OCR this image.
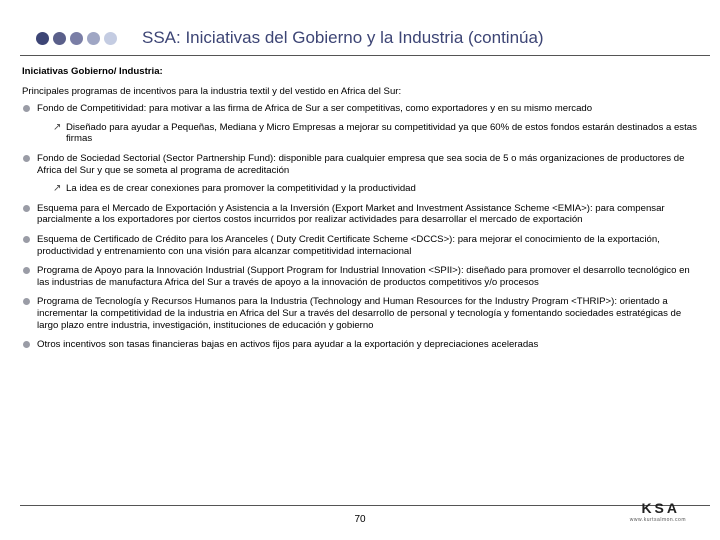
SSA: Iniciativas del Gobierno y la Industria (continúa)
Iniciativas Gobierno/ Industria:
Principales programas de incentivos para la industria textil y del vestido en Africa del Sur:
Fondo de Competitividad: para motivar a las firma de Africa de Sur a ser competitivas, como exportadores y en su mismo mercado
↗ Diseñado para ayudar a Pequeñas, Mediana y Micro Empresas a mejorar su competitividad ya que 60% de estos fondos estarán destinados a estas firmas
Fondo de Sociedad Sectorial (Sector Partnership Fund): disponible para cualquier empresa que sea socia de 5 o más organizaciones de productores de Africa del Sur y que se someta al programa de acreditación
↗ La idea es de crear conexiones para promover la competitividad y la productividad
Esquema para el Mercado de Exportación y Asistencia a la Inversión (Export Market and Investment Assistance Scheme <EMIA>): para compensar parcialmente a los exportadores por ciertos costos incurridos por realizar actividades para desarrollar el mercado de exportación
Esquema de Certificado de Crédito para los Aranceles ( Duty Credit Certificate Scheme <DCCS>): para mejorar el conocimiento de la exportación, productividad y entrenamiento con una visión para alcanzar competitividad internacional
Programa de Apoyo para la Innovación Industrial (Support Program for Industrial Innovation <SPII>): diseñado para promover el desarrollo tecnológico en las industrias de manufactura Africa del Sur a través de apoyo a la innovación de productos competitivos y/o procesos
Programa de Tecnología y Recursos Humanos para la Industria (Technology and Human Resources for the Industry Program <THRIP>): orientado a incrementar la competitividad de la industria en Africa del Sur a través del desarrollo de personal y tecnología y fomentando sociedades estratégicas de largo plazo entre industria, investigación, instituciones de educación y gobierno
Otros incentivos son tasas financieras bajas en activos fijos para ayudar a la exportación y depreciaciones aceleradas
70
KSA
www.kurtsalmon.com
